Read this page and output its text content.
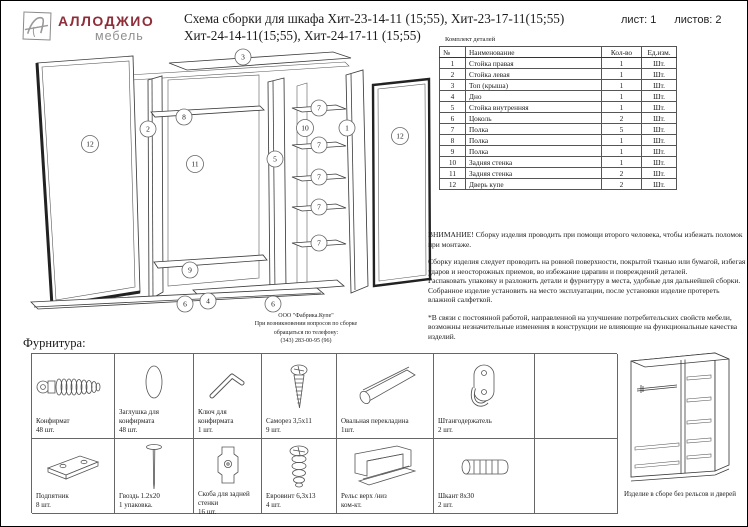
АЛЛОДЖИО
мебель
Схема сборки для шкафа Хит-23-14-11 (15;55), Хит-23-17-11(15;55)
Хит-24-14-11(15;55), Хит-24-17-11 (15;55)
лист: 1 листов: 2
3
12
2
8
11
9
6	4
5
7
7
7
7
7
10	1
12
6
Комплект деталей
№	Наименование	Кол-во	Ед.изм.
1	Стойка правая	1	Шт.
2	Стойка левая	1	Шт.
3	Топ (крыша)	1	Шт.
4	Дно	1	Шт.
5	Стойка внутренняя	1	Шт.
6	Цоколь	2	Шт.
7	Полка	5	Шт.
8	Полка	1	Шт.
9	Полка	1	Шт.
10	Задняя стенка	1	Шт.
11	Задняя стенка	2	Шт.
12	Дверь купе	2	Шт.
ВНИМАНИЕ! Сборку изделия проводить при помощи второго человека, чтобы избежать поломок при монтаже.
Сборку изделия следует проводить на ровной поверхности, покрытой тканью или бумагой, избегая ударов и неосторожных приемов, во избежание царапин и повреждений деталей.
Распаковать упаковку и разложить детали и фурнитуру в места, удобные для дальнейшей сборки.
Собранное изделие установить на место эксплуатации, после установки изделие протереть влажной салфеткой.
*В связи с постоянной работой, направленной на улучшение потребительских свойств мебели, возможны незначительные изменения в конструкции не влияющие на функциональные качества изделий.
ООО "Фабрика.Купе"
При возникновении вопросов по сборке
обращаться по телефону:
(343) 283-00-95 (96)
Фурнитура:
Конфирмат
48 шт.
Заглушка для конфирмата
48 шт.
Ключ для конфирмата
1 шт.
Саморез 3,5х11
9 шт.
Овальная перекладина
1шт.
Штангодержатель
2 шт.
Подпятник
8 шт.
Гвоздь 1.2х20
1 упаковка.
Скоба для задней стенки
16 шт.
Евровинт 6,3х13
4 шт.
Рельс верх /низ
ком-кт.
Шкант 8х30
2 шт.
Изделие в сборе без рельсов и дверей
